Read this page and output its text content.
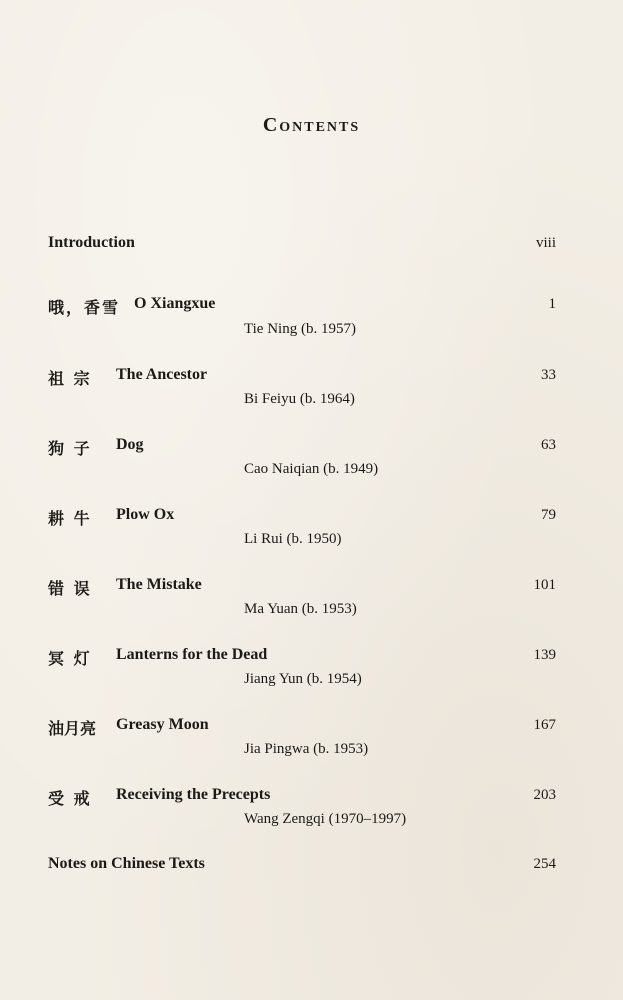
Contents
Introduction	viii
哦，香雪 O Xiangxue	1
Tie Ning (b. 1957)
祖 宗 The Ancestor	33
Bi Feiyu (b. 1964)
狗 子 Dog	63
Cao Naiqian (b. 1949)
耕 牛 Plow Ox	79
Li Rui (b. 1950)
错 误 The Mistake	101
Ma Yuan (b. 1953)
冥 灯 Lanterns for the Dead	139
Jiang Yun (b. 1954)
油月亮 Greasy Moon	167
Jia Pingwa (b. 1953)
受 戒 Receiving the Precepts	203
Wang Zengqi (1970–1997)
Notes on Chinese Texts	254
